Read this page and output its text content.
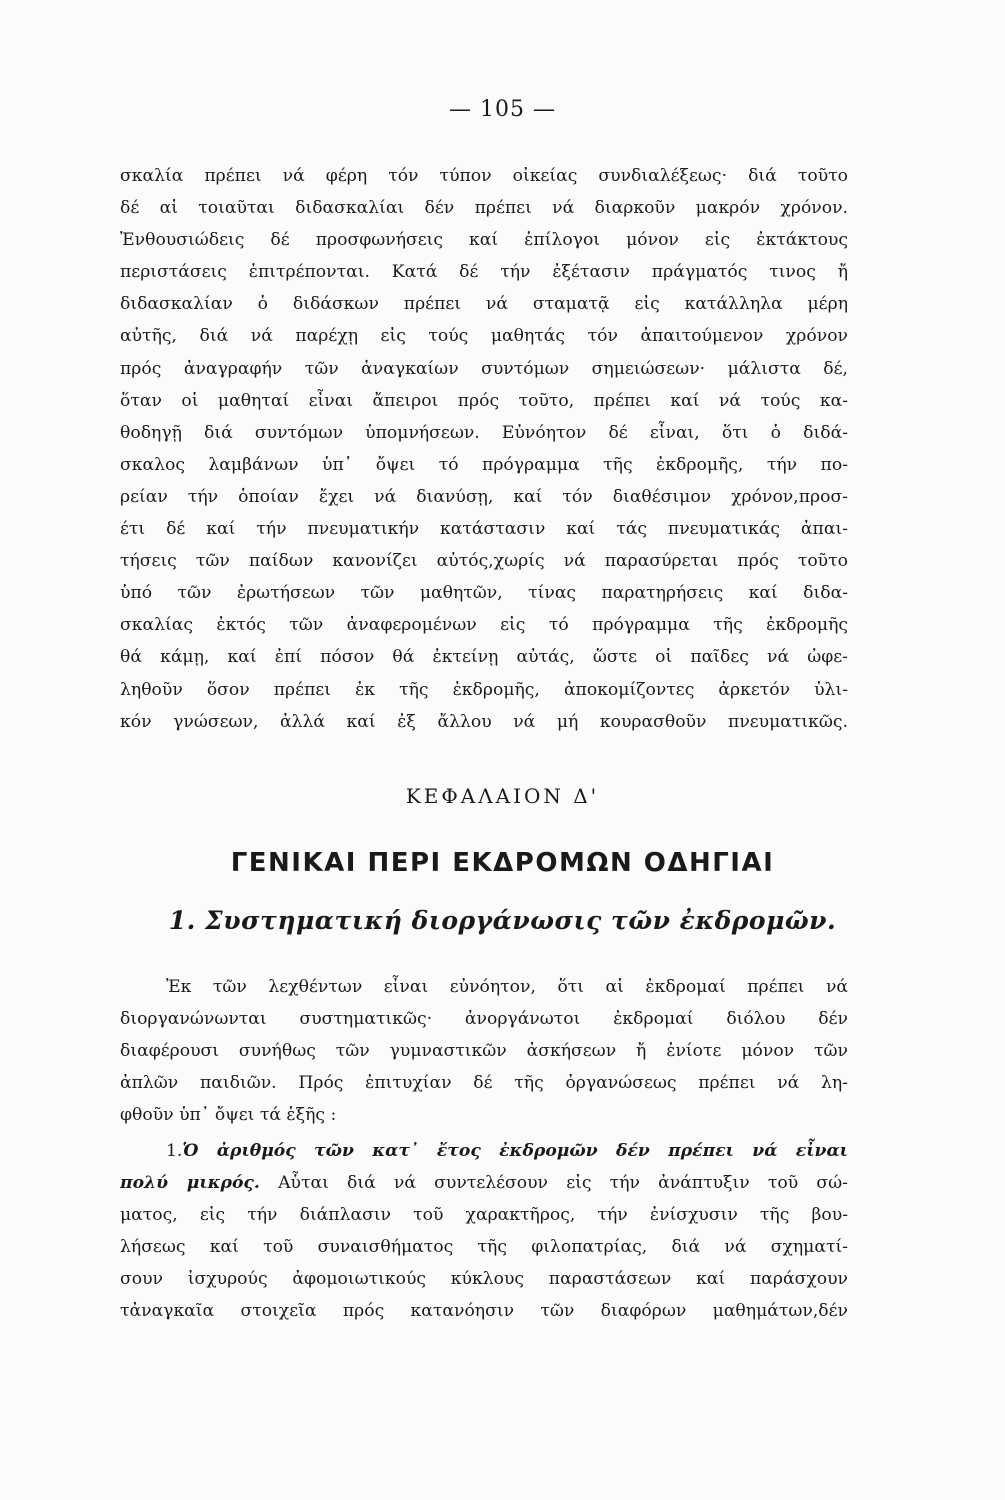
— 105 —
σκαλία πρέπει νά φέρη τόν τύπον οἰκείας συνδιαλέξεως· διά τοῦτο
δέ αἱ τοιαῦται διδασκαλίαι δέν πρέπει νά διαρκοῦν μακρόν χρόνον.
Ἐνθουσιώδεις δέ προσφωνήσεις καί ἐπίλογοι μόνον εἰς ἐκτάκτους
περιστάσεις ἐπιτρέπονται. Κατά δέ τήν ἐξέτασιν πράγματός τινος ἤ
διδασκαλίαν ὁ διδάσκων πρέπει νά σταματᾷ εἰς κατάλληλα μέρη
αὐτῆς, διά νά παρέχῃ εἰς τούς μαθητάς τόν ἀπαιτούμενον χρόνον
πρός ἀναγραφήν τῶν ἀναγκαίων συντόμων σημειώσεων· μάλιστα δέ,
ὅταν οἱ μαθηταί εἶναι ἄπειροι πρός τοῦτο, πρέπει καί νά τούς κα-
θοδηγῇ διά συντόμων ὑπομνήσεων. Εὐνόητον δέ εἶναι, ὅτι ὁ διδά-
σκαλος λαμβάνων ὑπ᾿ ὄψει τό πρόγραμμα τῆς ἐκδρομῆς, τήν πο-
ρείαν τήν ὁποίαν ἔχει νά διανύσῃ, καί τόν διαθέσιμον χρόνον,προσ-
έτι δέ καί τήν πνευματικήν κατάστασιν καί τάς πνευματικάς ἀπαι-
τήσεις τῶν παίδων κανονίζει αὐτός,χωρίς νά παρασύρεται πρός τοῦτο
ὑπό τῶν ἐρωτήσεων τῶν μαθητῶν, τίνας παρατηρήσεις καί διδα-
σκαλίας ἐκτός τῶν ἀναφερομένων εἰς τό πρόγραμμα τῆς ἐκδρομῆς
θά κάμῃ, καί ἐπί πόσον θά ἐκτείνῃ αὐτάς, ὥστε οἱ παῖδες νά ὠφε-
ληθοῦν ὅσον πρέπει ἐκ τῆς ἐκδρομῆς, ἀποκομίζοντες ἀρκετόν ὑλι-
κόν γνώσεων, ἀλλά καί ἐξ ἄλλου νά μή κουρασθοῦν πνευματικῶς.
ΚΕΦΑΛΑΙΟΝ Δ'
ΓΕΝΙΚΑΙ ΠΕΡΙ ΕΚΔΡΟΜΩΝ ΟΔΗΓΙΑΙ
1. Συστηματική διοργάνωσις τῶν ἐκδρομῶν.
Ἐκ τῶν λεχθέντων εἶναι εὐνόητον, ὅτι αἱ ἐκδρομαί πρέπει νά
διοργανώνωνται συστηματικῶς· ἀνοργάνωτοι ἐκδρομαί διόλου δέν
διαφέρουσι συνήθως τῶν γυμναστικῶν ἀσκήσεων ἤ ἐνίοτε μόνον τῶν
ἀπλῶν παιδιῶν. Πρός ἐπιτυχίαν δέ τῆς ὀργανώσεως πρέπει νά λη-
φθοῦν ὑπ᾿ ὄψει τά ἑξῆς :
1.Ὁ ἀριθμός τῶν κατ᾿ ἔτος ἐκδρομῶν δέν πρέπει νά εἶναι
πολύ μικρός. Αὗται διά νά συντελέσουν εἰς τήν ἀνάπτυξιν τοῦ σώ-
ματος, εἰς τήν διάπλασιν τοῦ χαρακτῆρος, τήν ἐνίσχυσιν τῆς βου-
λήσεως καί τοῦ συναισθήματος τῆς φιλοπατρίας, διά νά σχηματί-
σουν ἰσχυρούς ἀφομοιωτικούς κύκλους παραστάσεων καί παράσχουν
τἀναγκαῖα στοιχεῖα πρός κατανόησιν τῶν διαφόρων μαθημάτων,δέν
